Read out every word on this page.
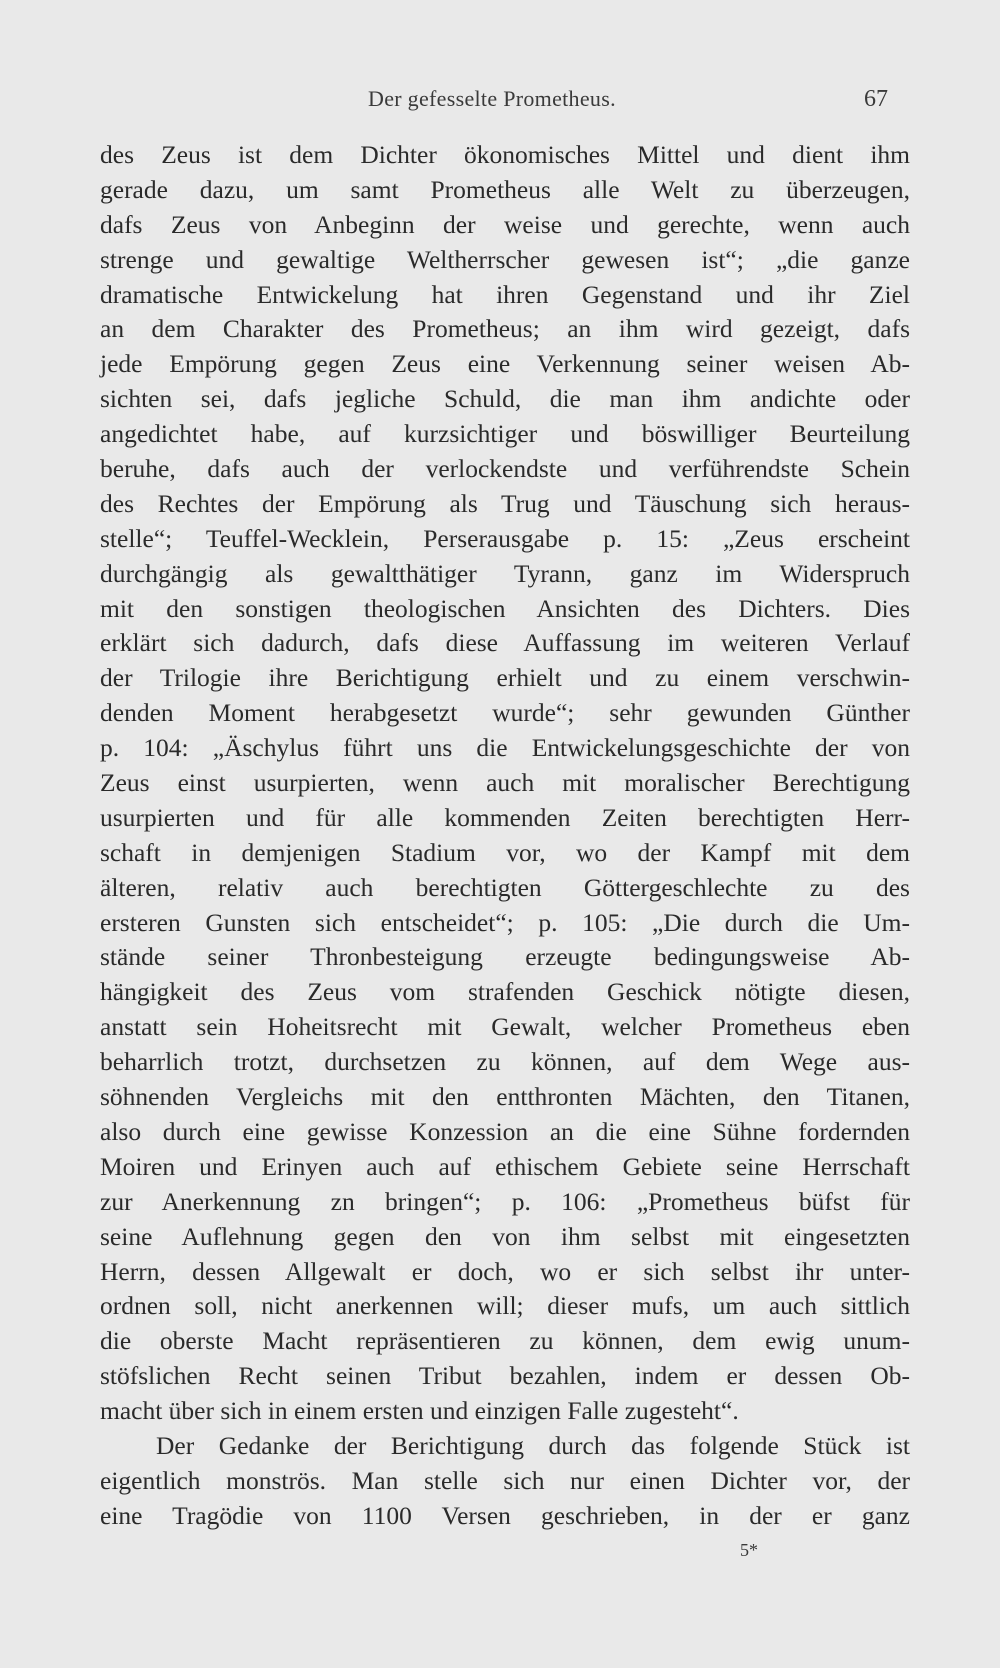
Der gefesselte Prometheus.	67
des Zeus ist dem Dichter ökonomisches Mittel und dient ihm
gerade dazu, um samt Prometheus alle Welt zu überzeugen,
dafs Zeus von Anbeginn der weise und gerechte, wenn auch
strenge und gewaltige Weltherrscher gewesen ist“; „die ganze
dramatische Entwickelung hat ihren Gegenstand und ihr Ziel
an dem Charakter des Prometheus; an ihm wird gezeigt, dafs
jede Empörung gegen Zeus eine Verkennung seiner weisen Ab-
sichten sei, dafs jegliche Schuld, die man ihm andichte oder
angedichtet habe, auf kurzsichtiger und böswilliger Beurteilung
beruhe, dafs auch der verlockendste und verführendste Schein
des Rechtes der Empörung als Trug und Täuschung sich heraus-
stelle“; Teuffel-Wecklein, Perserausgabe p. 15: „Zeus erscheint
durchgängig als gewaltthätiger Tyrann, ganz im Widerspruch
mit den sonstigen theologischen Ansichten des Dichters. Dies
erklärt sich dadurch, dafs diese Auffassung im weiteren Verlauf
der Trilogie ihre Berichtigung erhielt und zu einem verschwin-
denden Moment herabgesetzt wurde“; sehr gewunden Günther
p. 104: „Äschylus führt uns die Entwickelungsgeschichte der von
Zeus einst usurpierten, wenn auch mit moralischer Berechtigung
usurpierten und für alle kommenden Zeiten berechtigten Herr-
schaft in demjenigen Stadium vor, wo der Kampf mit dem
älteren, relativ auch berechtigten Göttergeschlechte zu des
ersteren Gunsten sich entscheidet“; p. 105: „Die durch die Um-
stände seiner Thronbesteigung erzeugte bedingungsweise Ab-
hängigkeit des Zeus vom strafenden Geschick nötigte diesen,
anstatt sein Hoheitsrecht mit Gewalt, welcher Prometheus eben
beharrlich trotzt, durchsetzen zu können, auf dem Wege aus-
söhnenden Vergleichs mit den entthronten Mächten, den Titanen,
also durch eine gewisse Konzession an die eine Sühne fordernden
Moiren und Erinyen auch auf ethischem Gebiete seine Herrschaft
zur Anerkennung zn bringen“; p. 106: „Prometheus büfst für
seine Auflehnung gegen den von ihm selbst mit eingesetzten
Herrn, dessen Allgewalt er doch, wo er sich selbst ihr unter-
ordnen soll, nicht anerkennen will; dieser mufs, um auch sittlich
die oberste Macht repräsentieren zu können, dem ewig unum-
stöfslichen Recht seinen Tribut bezahlen, indem er dessen Ob-
macht über sich in einem ersten und einzigen Falle zugesteht“.
Der Gedanke der Berichtigung durch das folgende Stück ist
eigentlich monströs. Man stelle sich nur einen Dichter vor, der
eine Tragödie von 1100 Versen geschrieben, in der er ganz
5*
